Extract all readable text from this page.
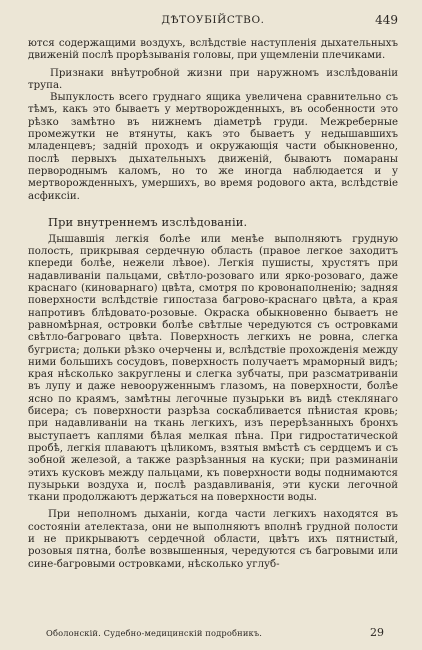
ДѢТОУБІЙСТВО.	449

ются содержащими воздухъ, вслѣдствіе наступленія дыхательныхъ движеній послѣ прорѣзыванія головы, при ущемленіи плечиками.

Признаки внѣутробной жизни при наружномъ изслѣдованіи трупа.

Выпуклость всего груднаго ящика увеличена сравнительно съ тѣмъ, какъ это бываетъ у мертворожденныхъ, въ особенности это рѣзко замѣтно въ нижнемъ діаметрѣ груди. Межреберные промежутки не втянуты, какъ это бываетъ у недышавшихъ младенцевъ; задній проходъ и окружающія части обыкновенно, послѣ первыхъ дыхательныхъ движеній, бываютъ помараны первороднымъ каломъ, но то же иногда наблюдается и у мертворожденныхъ, умершихъ, во время родового акта, вслѣдствіе асфиксіи.

При внутреннемъ изслѣдованіи.

Дышавшія легкія болѣе или менѣе выполняютъ грудную полость, прикрывая сердечную область (правое легкое заходитъ кпереди болѣе, нежели лѣвое). Легкія пушисты, хрустятъ при надавливаніи пальцами, свѣтло-розоваго или ярко-розоваго, даже краснаго (киноварнаго) цвѣта, смотря по кровонаполненію; задняя поверхности вслѣдствіе гипостаза багрово-краснаго цвѣта, а края напротивъ блѣдовато-розовые. Окраска обыкновенно бываетъ не равномѣрная, островки болѣе свѣтлые чередуются съ островками свѣтло-багроваго цвѣта. Поверхность легкихъ не ровна, слегка бугриста; дольки рѣзко очерчены и, вслѣдствіе прохожденія между ними большихъ сосудовъ, поверхность получаетъ мраморный видъ; края нѣсколько закруглены и слегка зубчаты, при разсматриваніи въ лупу и даже невооруженнымъ глазомъ, на поверхности, болѣе ясно по краямъ, замѣтны легочные пузырьки въ видѣ стеклянаго бисера; съ поверхности разрѣза соскабливается пѣнистая кровь; при надавливаніи на ткань легкихъ, изъ перерѣзанныхъ бронхъ выступаетъ каплями бѣлая мелкая пѣна. При гидростатической пробѣ, легкія плаваютъ цѣликомъ, взятыя вмѣстѣ съ сердцемъ и съ зобной железой, а также разрѣзанныя на куски; при разминаніи этихъ кусковъ между пальцами, къ поверхности воды поднимаются пузырьки воздуха и, послѣ раздавливанія, эти куски легочной ткани продолжаютъ держаться на поверхности воды.

При неполномъ дыханіи, когда части легкихъ находятся въ состояніи ателектаза, они не выполняютъ вполнѣ грудной полости и не прикрываютъ сердечной области, цвѣтъ ихъ пятнистый, розовыя пятна, болѣе возвышенныя, чередуются съ багровыми или сине-багровыми островками, нѣсколько углуб-

Оболонскій. Судебно-медицинскій подробникъ.	29
